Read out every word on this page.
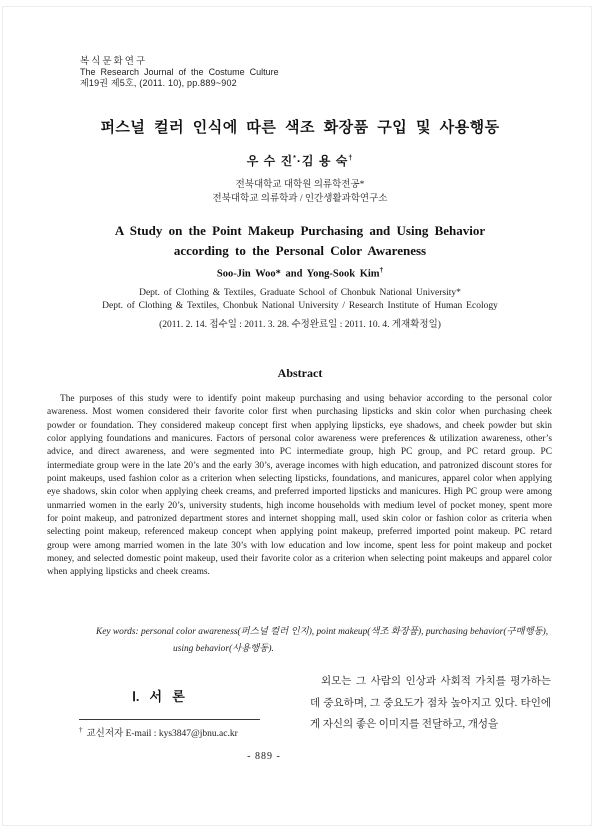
복식문화연구
The Research Journal of the Costume Culture
제19권 제5호, (2011. 10), pp.889~902
퍼스널 컬러 인식에 따른 색조 화장품 구입 및 사용행동
우 수 진*·김 용 숙†
전북대학교 대학원 의류학전공*
전북대학교 의류학과 / 인간생활과학연구소
A Study on the Point Makeup Purchasing and Using Behavior
according to the Personal Color Awareness
Soo-Jin Woo* and Yong-Sook Kim†
Dept. of Clothing & Textiles, Graduate School of Chonbuk National University*
Dept. of Clothing & Textiles, Chonbuk National University / Research Institute of Human Ecology
(2011. 2. 14. 접수일 : 2011. 3. 28. 수정완료일 : 2011. 10. 4. 게재확정일)
Abstract

The purposes of this study were to identify point makeup purchasing and using behavior according to the personal color awareness. Most women considered their favorite color first when purchasing lipsticks and skin color when purchasing cheek powder or foundation. They considered makeup concept first when applying lipsticks, eye shadows, and cheek powder but skin color applying foundations and manicures. Factors of personal color awareness were preferences & utilization awareness, other’s advice, and direct awareness, and were segmented into PC intermediate group, high PC group, and PC retard group. PC intermediate group were in the late 20’s and the early 30’s, average incomes with high education, and patronized discount stores for point makeups, used fashion color as a criterion when selecting lipsticks, foundations, and manicures, apparel color when applying eye shadows, skin color when applying cheek creams, and preferred imported lipsticks and manicures. High PC group were among unmarried women in the early 20’s, university students, high income households with medium level of pocket money, spent more for point makeup, and patronized department stores and internet shopping mall, used skin color or fashion color as criteria when selecting point makeup, referenced makeup concept when applying point makeup, preferred imported point makeup. PC retard group were among married women in the late 30’s with low education and low income, spent less for point makeup and pocket money, and selected domestic point makeup, used their favorite color as a criterion when selecting point makeups and apparel color when applying lipsticks and cheek creams.

Key words: personal color awareness(퍼스널 컬러 인지), point makeup(색조 화장품), purchasing behavior(구매행동), using behavior(사용행동).

Ⅰ. 서 론

외모는 그 사람의 인상과 사회적 가치를 평가하는 데 중요하며, 그 중요도가 점차 높아지고 있다. 타인에게 자신의 좋은 이미지를 전달하고, 개성을

† 교신저자 E-mail : kys3847@jbnu.ac.kr

- 889 -
